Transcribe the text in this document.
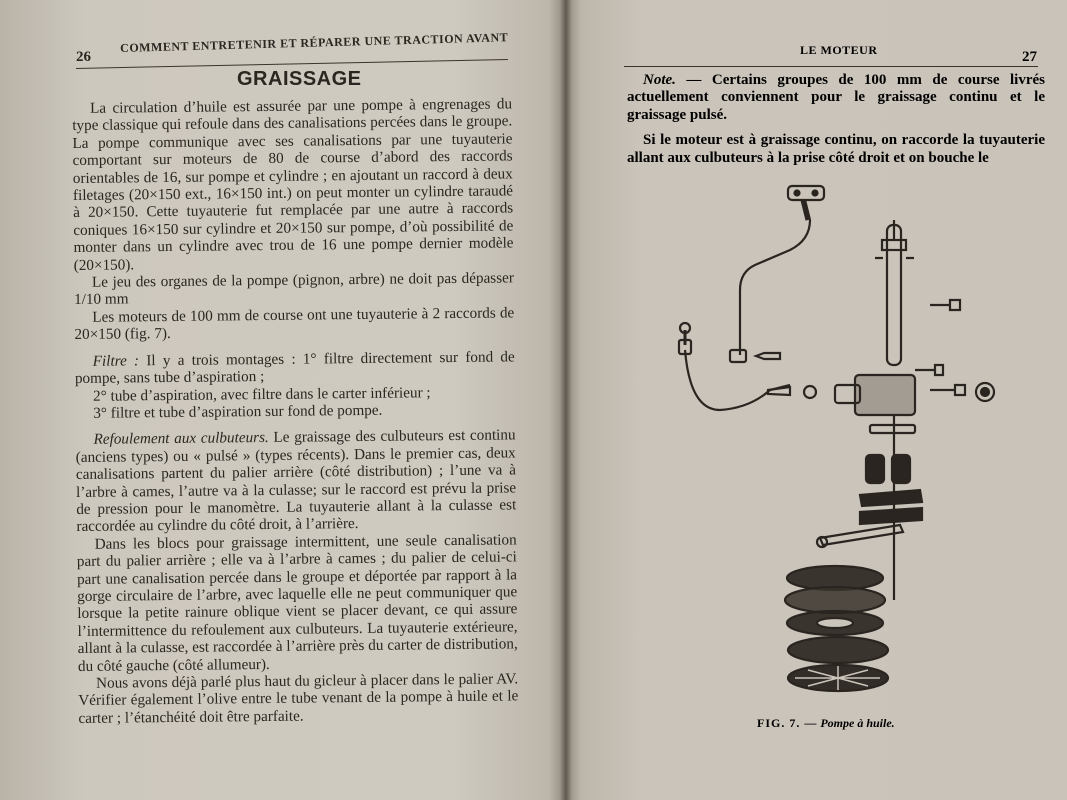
26
COMMENT ENTRETENIR ET RÉPARER UNE TRACTION AVANT
GRAISSAGE

La circulation d’huile est assurée par une pompe à engrenages du type classique qui refoule dans des canalisations percées dans le groupe. La pompe communique avec ses canalisations par une tuyauterie comportant sur moteurs de 80 de course d’abord des raccords orientables de 16, sur pompe et cylindre ; en ajoutant un raccord à deux filetages (20×150 ext., 16×150 int.) on peut monter un cylindre taraudé à 20×150. Cette tuyauterie fut remplacée par une autre à raccords coniques 16×150 sur cylindre et 20×150 sur pompe, d’où possibilité de monter dans un cylindre avec trou de 16 une pompe dernier modèle (20×150).

Le jeu des organes de la pompe (pignon, arbre) ne doit pas dépasser 1/10 mm

Les moteurs de 100 mm de course ont une tuyauterie à 2 raccords de 20×150 (fig. 7).

Filtre : Il y a trois montages : 1° filtre directement sur fond de pompe, sans tube d’aspiration ;

2° tube d’aspiration, avec filtre dans le carter inférieur ;

3° filtre et tube d’aspiration sur fond de pompe.

Refoulement aux culbuteurs. Le graissage des culbuteurs est continu (anciens types) ou « pulsé » (types récents). Dans le premier cas, deux canalisations partent du palier arrière (côté distribution) ; l’une va à l’arbre à cames, l’autre va à la culasse; sur le raccord est prévu la prise de pression pour le manomètre. La tuyauterie allant à la culasse est raccordée au cylindre du côté droit, à l’arrière.

Dans les blocs pour graissage intermittent, une seule canalisation part du palier arrière ; elle va à l’arbre à cames ; du palier de celui-ci part une canalisation percée dans le groupe et déportée par rapport à la gorge circulaire de l’arbre, avec laquelle elle ne peut communiquer que lorsque la petite rainure oblique vient se placer devant, ce qui assure l’intermittence du refoulement aux culbuteurs. La tuyauterie extérieure, allant à la culasse, est raccordée à l’arrière près du carter de distribution, du côté gauche (côté allumeur).

Nous avons déjà parlé plus haut du gicleur à placer dans le palier AV. Vérifier également l’olive entre le tube venant de la pompe à huile et le carter ; l’étanchéité doit être parfaite.

LE MOTEUR	27

Note. — Certains groupes de 100 mm de course livrés actuellement conviennent pour le graissage continu et le graissage pulsé.

Si le moteur est à graissage continu, on raccorde la tuyauterie allant aux culbuteurs à la prise côté droit et on bouche le

FIG. 7. — Pompe à huile.
